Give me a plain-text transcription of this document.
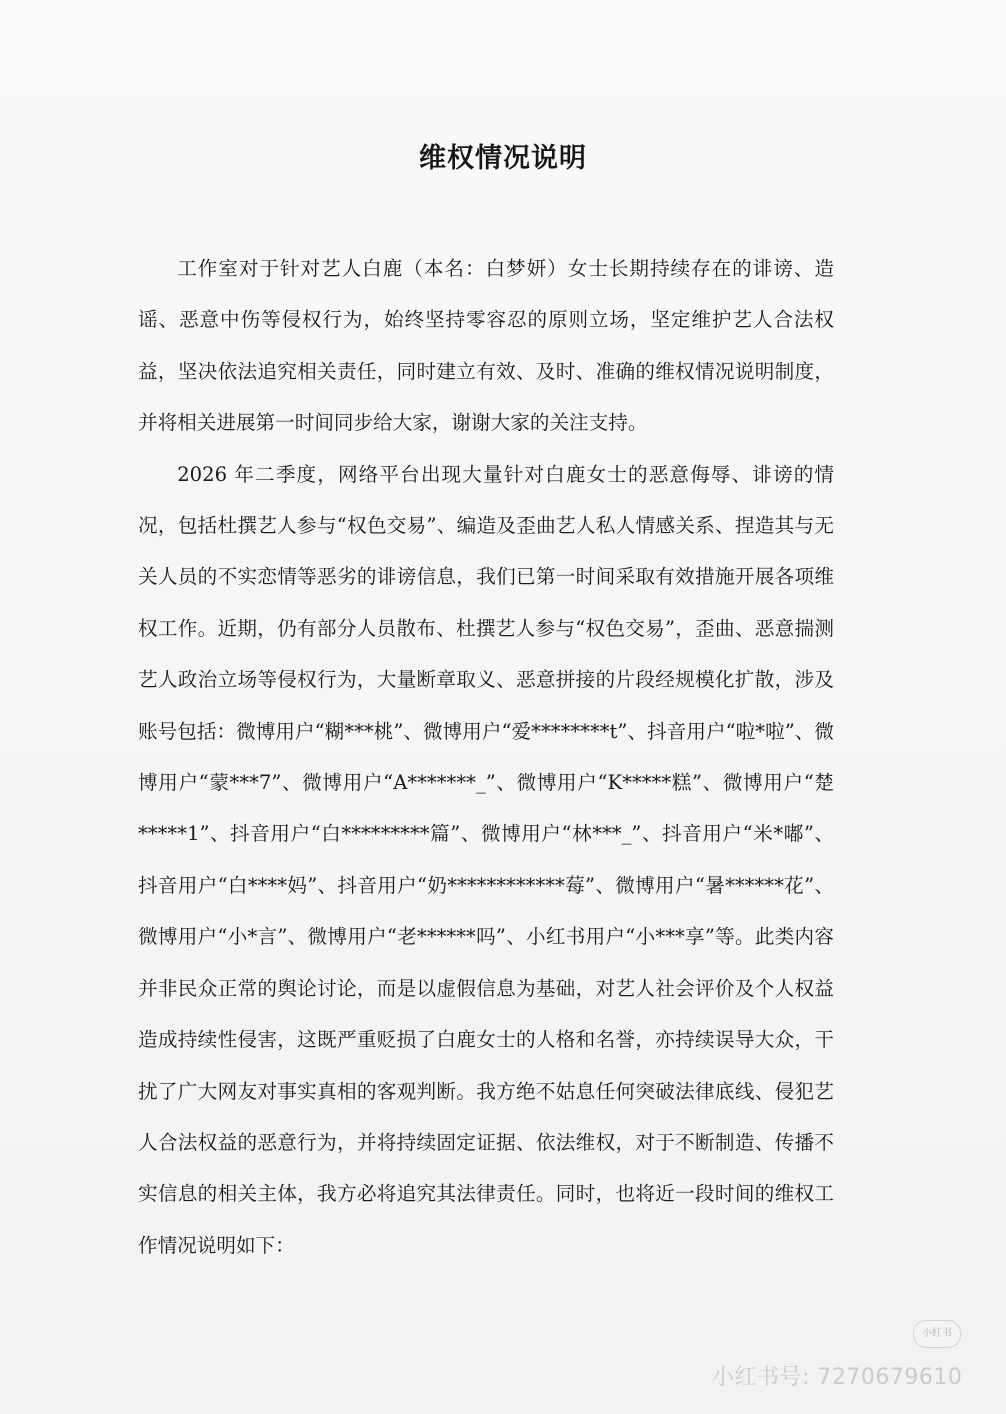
维权情况说明

工作室对于针对艺人白鹿（本名：白梦妍）女士长期持续存在的诽谤、造谣、恶意中伤等侵权行为，始终坚持零容忍的原则立场，坚定维护艺人合法权益，坚决依法追究相关责任，同时建立有效、及时、准确的维权情况说明制度，并将相关进展第一时间同步给大家，谢谢大家的关注支持。

2026 年二季度，网络平台出现大量针对白鹿女士的恶意侮辱、诽谤的情况，包括杜撰艺人参与“权色交易”、编造及歪曲艺人私人情感关系、捏造其与无关人员的不实恋情等恶劣的诽谤信息，我们已第一时间采取有效措施开展各项维权工作。近期，仍有部分人员散布、杜撰艺人参与“权色交易”，歪曲、恶意揣测艺人政治立场等侵权行为，大量断章取义、恶意拼接的片段经规模化扩散，涉及账号包括：微博用户“糊***桃”、微博用户“爱********t”、抖音用户“啦*啦”、微博用户“蒙***7”、微博用户“A*******_”、微博用户“K*****糕”、微博用户“楚*****1”、抖音用户“白*********篇”、微博用户“林***_”、抖音用户“米*嘟”、抖音用户“白****妈”、抖音用户“奶************莓”、微博用户“暑******花”、微博用户“小*言”、微博用户“老******吗”、小红书用户“小***享”等。此类内容并非民众正常的舆论讨论，而是以虚假信息为基础，对艺人社会评价及个人权益造成持续性侵害，这既严重贬损了白鹿女士的人格和名誉，亦持续误导大众，干扰了广大网友对事实真相的客观判断。我方绝不姑息任何突破法律底线、侵犯艺人合法权益的恶意行为，并将持续固定证据、依法维权，对于不断制造、传播不实信息的相关主体，我方必将追究其法律责任。同时，也将近一段时间的维权工作情况说明如下：

小红书
小红书号: 7270679610
